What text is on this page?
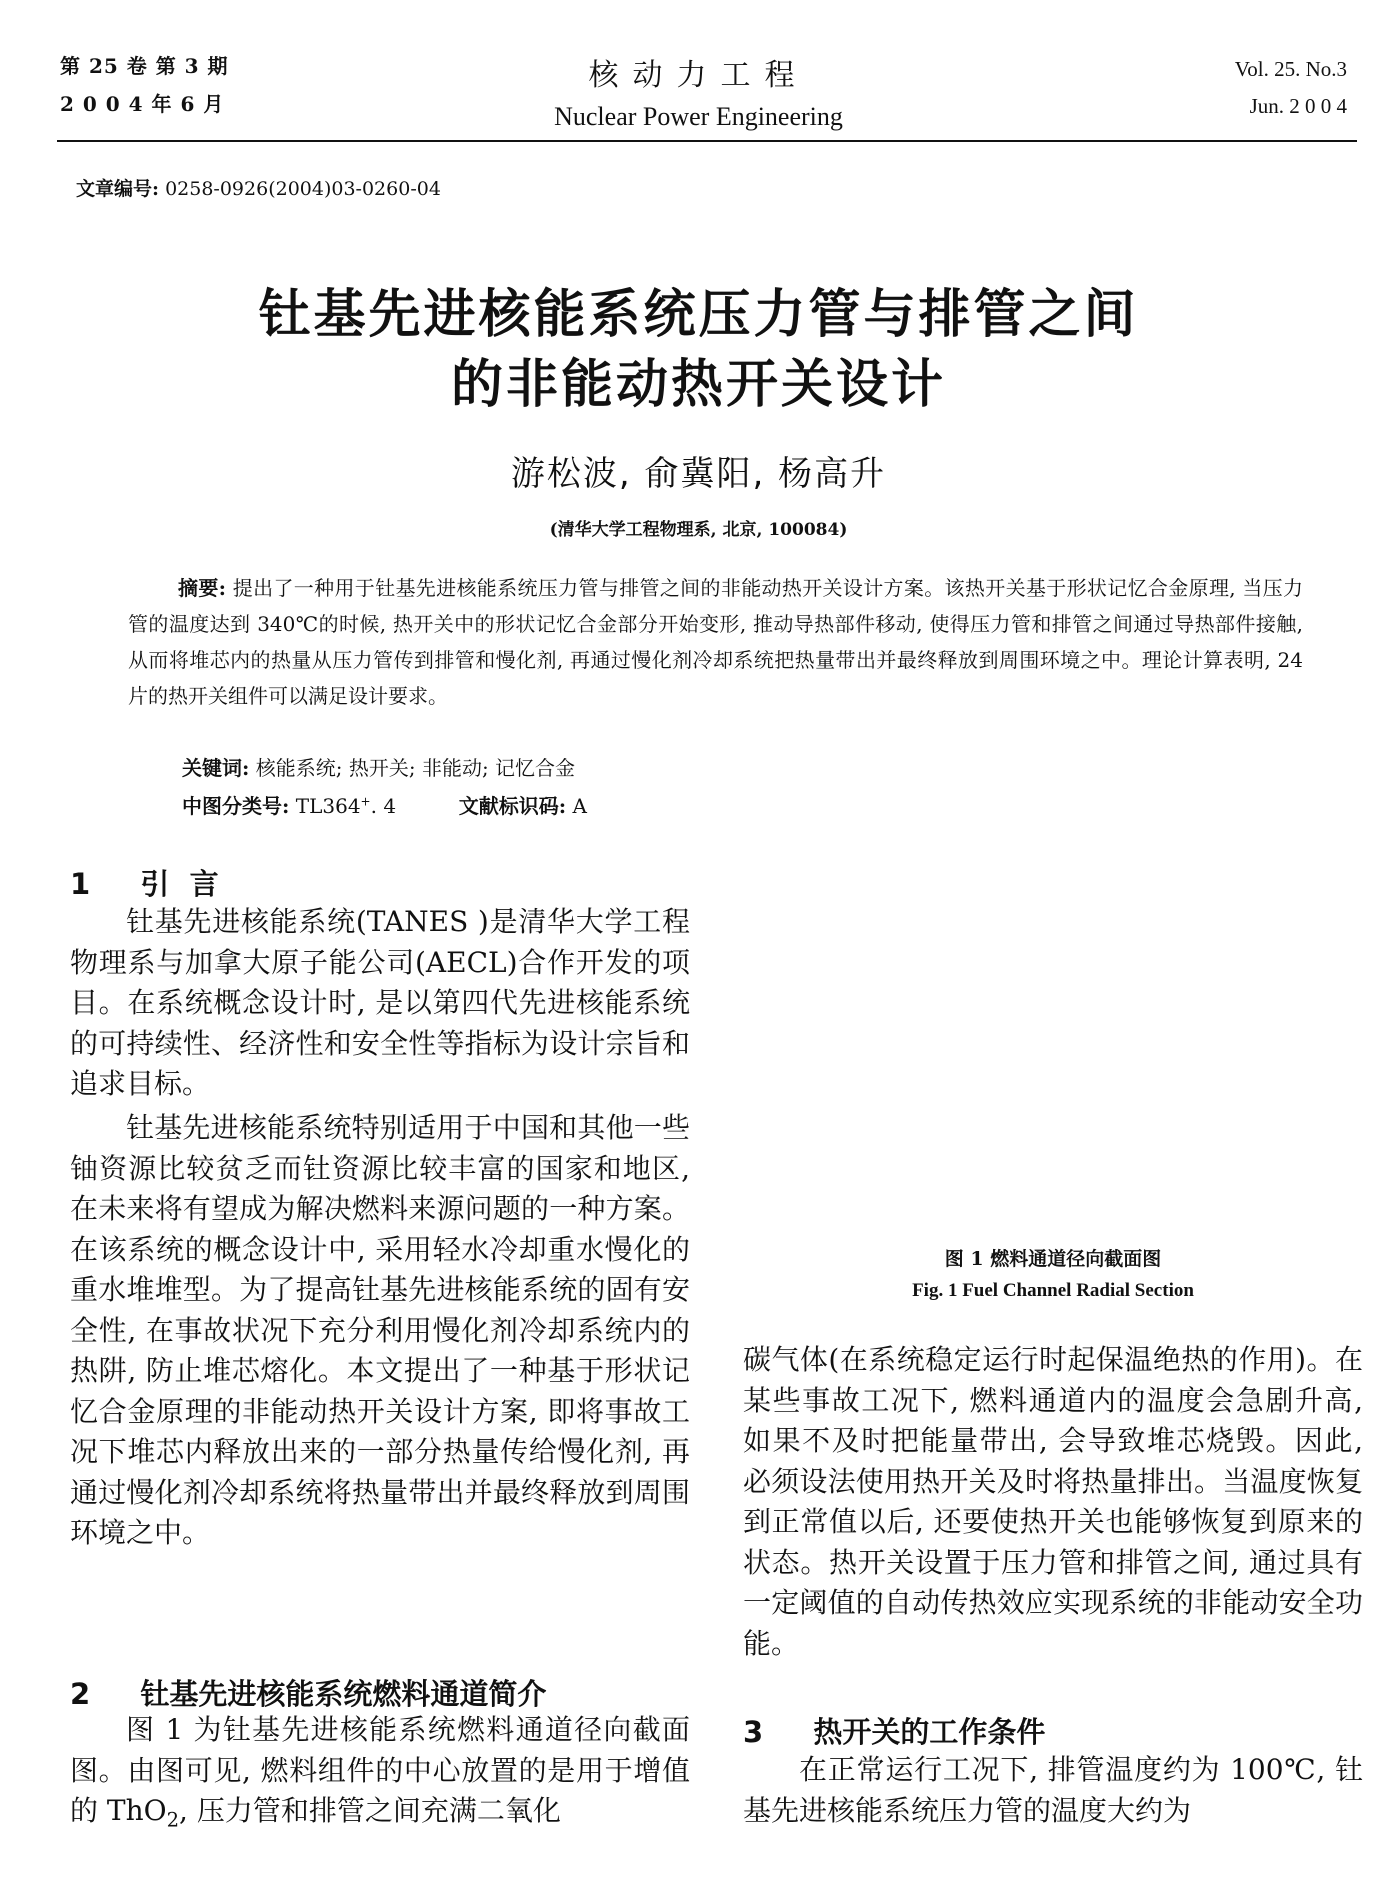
第 25 卷 第 3 期
2 0 0 4 年 6 月
核动力工程
Nuclear Power Engineering
Vol. 25. No.3
Jun. 2 0 0 4
文章编号: 0258-0926(2004)03-0260-04
钍基先进核能系统压力管与排管之间
的非能动热开关设计
游松波, 俞冀阳, 杨高升
(清华大学工程物理系, 北京, 100084)
摘要: 提出了一种用于钍基先进核能系统压力管与排管之间的非能动热开关设计方案。该热开关基于形状记忆合金原理, 当压力管的温度达到 340℃的时候, 热开关中的形状记忆合金部分开始变形, 推动导热部件移动, 使得压力管和排管之间通过导热部件接触, 从而将堆芯内的热量从压力管传到排管和慢化剂, 再通过慢化剂冷却系统把热量带出并最终释放到周围环境之中。理论计算表明, 24 片的热开关组件可以满足设计要求。
关键词: 核能系统; 热开关; 非能动; 记忆合金
中图分类号: TL364+. 4	文献标识码: A
1 引  言
钍基先进核能系统(TANES )是清华大学工程物理系与加拿大原子能公司(AECL)合作开发的项目。在系统概念设计时, 是以第四代先进核能系统的可持续性、经济性和安全性等指标为设计宗旨和追求目标。
钍基先进核能系统特别适用于中国和其他一些铀资源比较贫乏而钍资源比较丰富的国家和地区, 在未来将有望成为解决燃料来源问题的一种方案。在该系统的概念设计中, 采用轻水冷却重水慢化的重水堆堆型。为了提高钍基先进核能系统的固有安全性, 在事故状况下充分利用慢化剂冷却系统内的热阱, 防止堆芯熔化。本文提出了一种基于形状记忆合金原理的非能动热开关设计方案, 即将事故工况下堆芯内释放出来的一部分热量传给慢化剂, 再通过慢化剂冷却系统将热量带出并最终释放到周围环境之中。
2 钍基先进核能系统燃料通道简介
图 1 为钍基先进核能系统燃料通道径向截面图。由图可见, 燃料组件的中心放置的是用于增值的 ThO$_2$, 压力管和排管之间充满二氧化
图 1 燃料通道径向截面图
Fig. 1 Fuel Channel Radial Section
碳气体(在系统稳定运行时起保温绝热的作用)。在某些事故工况下, 燃料通道内的温度会急剧升高, 如果不及时把能量带出, 会导致堆芯烧毁。因此, 必须设法使用热开关及时将热量排出。当温度恢复到正常值以后, 还要使热开关也能够恢复到原来的状态。热开关设置于压力管和排管之间, 通过具有一定阈值的自动传热效应实现系统的非能动安全功能。
3 热开关的工作条件
在正常运行工况下, 排管温度约为 100℃, 钍基先进核能系统压力管的温度大约为
